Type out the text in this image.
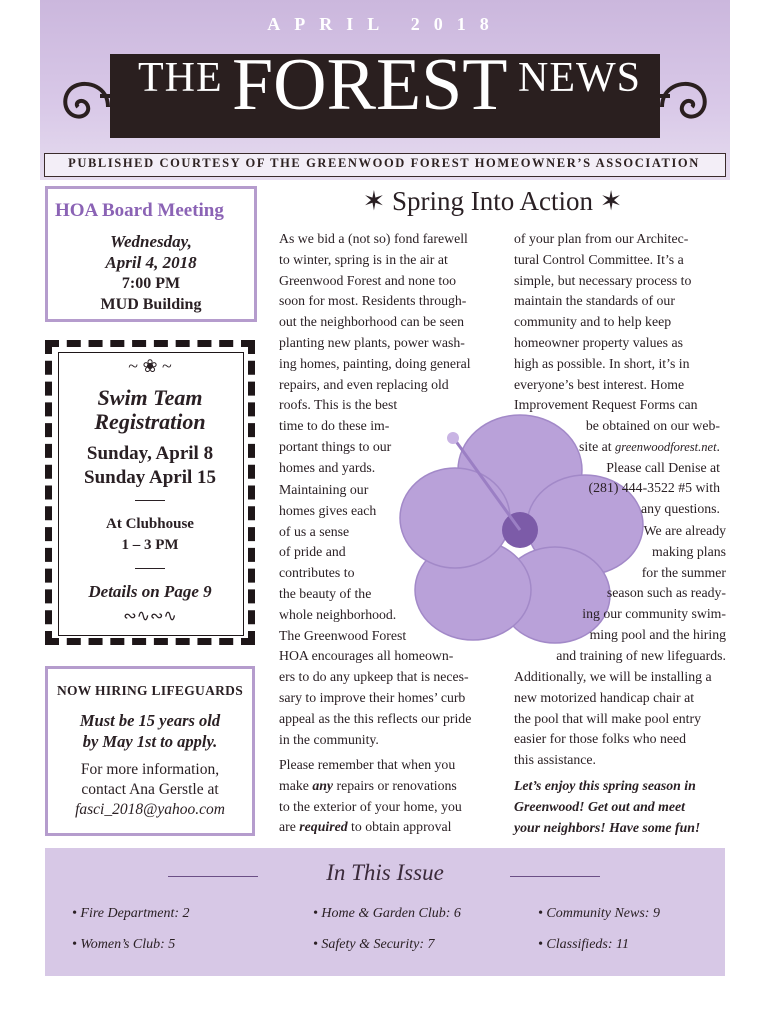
APRIL 2018
THE FOREST NEWS
PUBLISHED COURTESY OF THE GREENWOOD FOREST HOMEOWNER’S ASSOCIATION
HOA Board Meeting
Wednesday,
April 4, 2018
7:00 PM
MUD Building
~ ❀ ~
Swim Team
Registration
Sunday, April 8
Sunday April 15
At Clubhouse
1 – 3 PM
Details on Page 9
∾∿∾∿
NOW HIRING LIFEGUARDS
Must be 15 years old
by May 1st to apply.
For more information,
contact Ana Gerstle at
fasci_2018@yahoo.com
✶ Spring Into Action ✶
As we bid a (not so) fond farewell
to winter, spring is in the air at
Greenwood Forest and none too
soon for most. Residents through-
out the neighborhood can be seen
planting new plants, power wash-
ing homes, painting, doing general
repairs, and even replacing old
roofs. This is the best
time to do these im-
portant things to our
homes and yards.
Maintaining our
homes gives each
of us a sense
of pride and
contributes to
the beauty of the
whole neighborhood.
The Greenwood Forest
HOA encourages all homeown-
ers to do any upkeep that is neces-
sary to improve their homes’ curb
appeal as the this reflects our pride
in the community.
Please remember that when you
make any repairs or renovations
to the exterior of your home, you
are required to obtain approval
of your plan from our Architec-
tural Control Committee. It’s a
simple, but necessary process to
maintain the standards of our
community and to help keep
homeowner property values as
high as possible. In short, it’s in
everyone’s best interest. Home
Improvement Request Forms can
be obtained on our web-
site at greenwoodforest.net.
Please call Denise at
(281) 444-3522 #5 with
any questions.
We are already
making plans
for the summer
season such as ready-
ing our community swim-
ming pool and the hiring
and training of new lifeguards.
Additionally, we will be installing a
new motorized handicap chair at
the pool that will make pool entry
easier for those folks who need
this assistance.
Let’s enjoy this spring season in
Greenwood! Get out and meet
your neighbors! Have some fun!
In This Issue
• Fire Department: 2	• Home & Garden Club: 6	• Community News: 9
• Women’s Club: 5	• Safety & Security: 7	• Classifieds: 11
